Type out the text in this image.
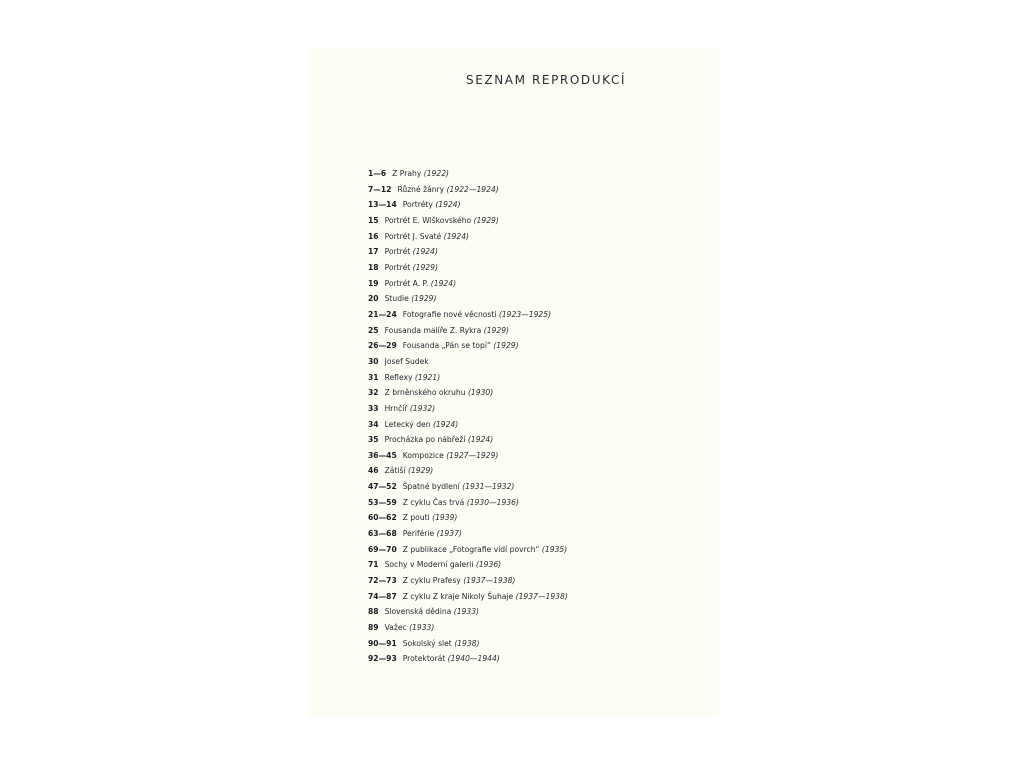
SEZNAM REPRODUKCÍ
1—6 Z Prahy
(1922)
7—12 Různé žánry
(1922—1924)
13—14 Portréty
(1924)
15 Portrét E. Wiškovského
(1929)
16 Portrét J. Svaté
(1924)
17 Portrét
(1924)
18 Portrét
(1929)
19 Portrét A. P.
(1924)
20 Studie
(1929)
21—24 Fotografie nové věcnosti
(1923—1925)
25 Fousanda malíře Z. Rykra
(1929)
26—29 Fousanda „Pán se topí“
(1929)
30 Josef Sudek
31 Reflexy
(1921)
32 Z brněnského okruhu
(1930)
33 Hrnčíř
(1932)
34 Letecký den
(1924)
35 Procházka po nábřeží
(1924)
36—45 Kompozice
(1927—1929)
46 Zátiší
(1929)
47—52 Špatné bydlení
(1931—1932)
53—59 Z cyklu Čas trvá
(1930—1936)
60—62 Z pouti
(1939)
63—68 Periférie
(1937)
69—70 Z publikace „Fotografie vidí povrch“
(1935)
71 Sochy v Moderní galerii
(1936)
72—73 Z cyklu Prafesy
(1937—1938)
74—87 Z cyklu Z kraje Nikoly Šuhaje
(1937—1938)
88 Slovenská dědina
(1933)
89 Važec
(1933)
90—91 Sokolský slet
(1938)
92—93 Protektorát
(1940—1944)
